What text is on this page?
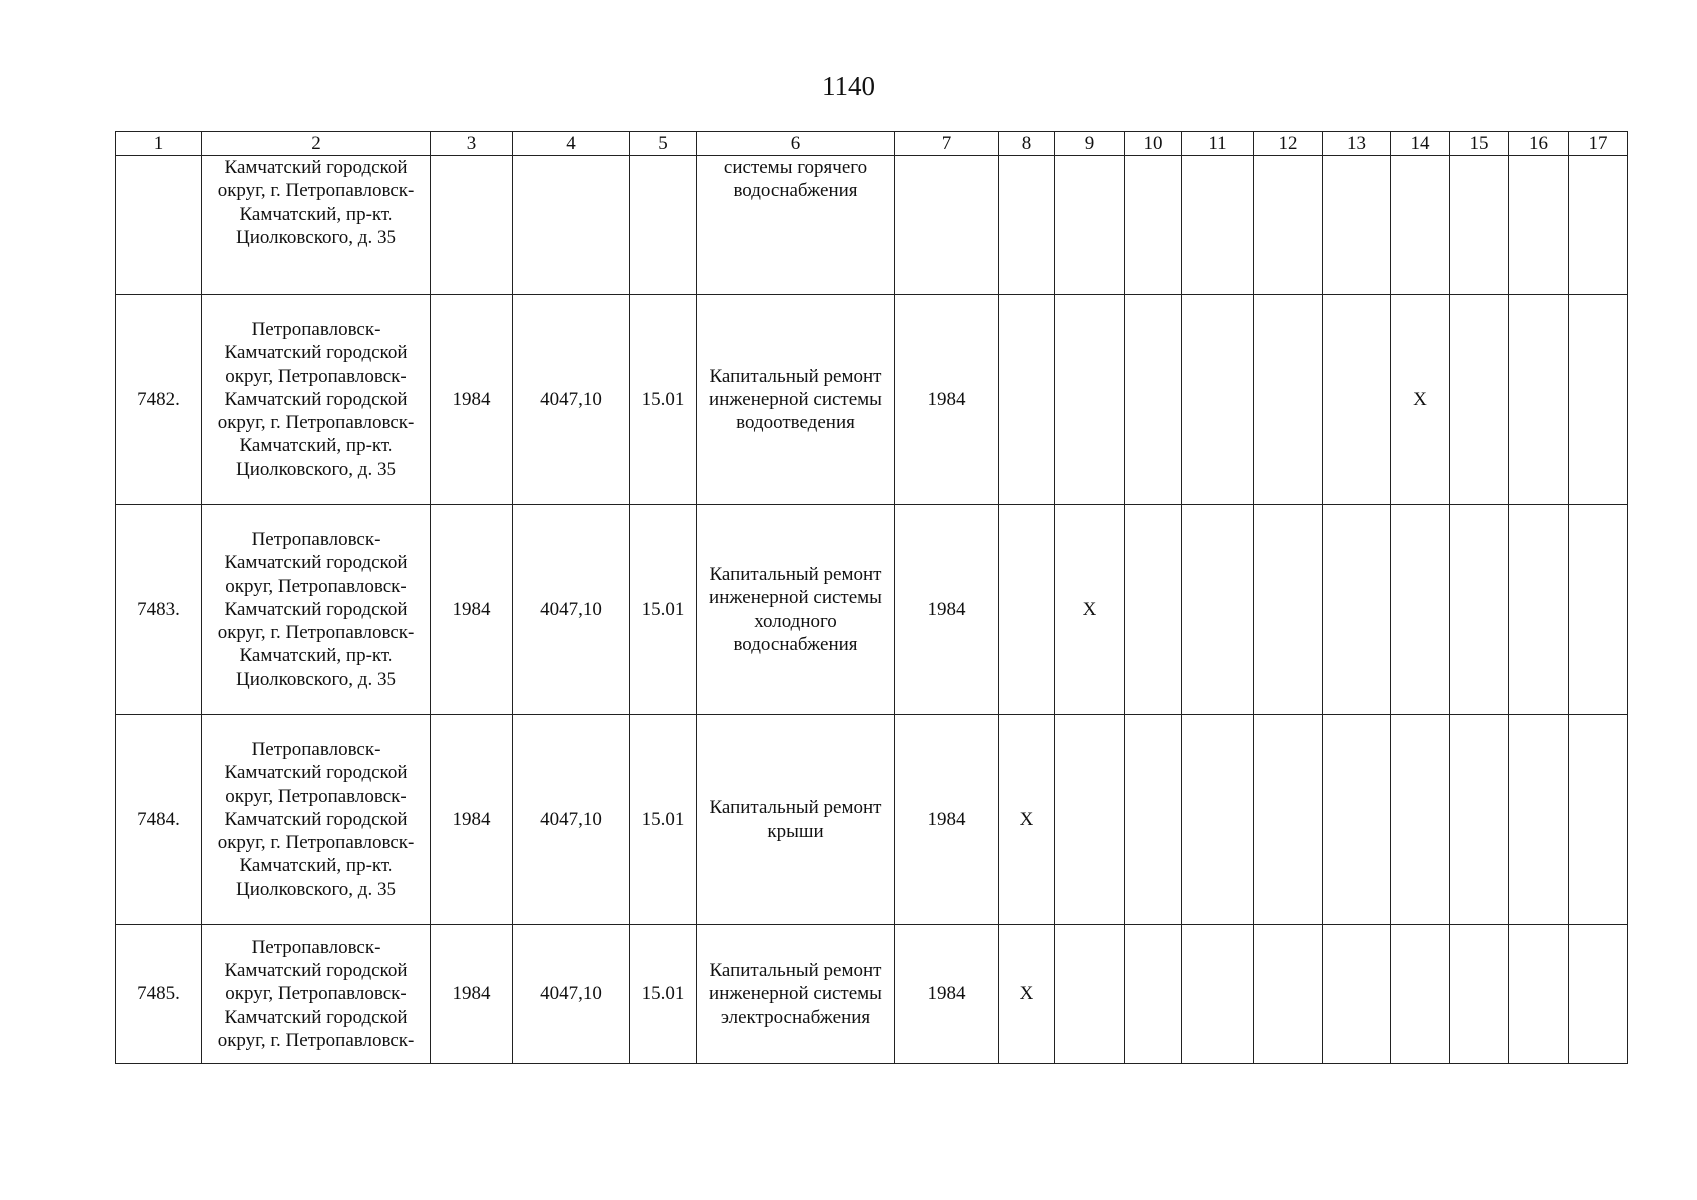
1140
1	2	3	4	5	6	7	8	9	10	11	12	13	14	15	16	17
	Камчатский городской округ, г. Петропавловск-Камчатский, пр-кт. Циолковского, д. 35				системы горячего водоснабжения											
7482.	Петропавловск-Камчатский городской округ, Петропавловск-Камчатский городской округ, г. Петропавловск-Камчатский, пр-кт. Циолковского, д. 35	1984	4047,10	15.01	Капитальный ремонт инженерной системы водоотведения	1984							X			
7483.	Петропавловск-Камчатский городской округ, Петропавловск-Камчатский городской округ, г. Петропавловск-Камчатский, пр-кт. Циолковского, д. 35	1984	4047,10	15.01	Капитальный ремонт инженерной системы холодного водоснабжения	1984		X								
7484.	Петропавловск-Камчатский городской округ, Петропавловск-Камчатский городской округ, г. Петропавловск-Камчатский, пр-кт. Циолковского, д. 35	1984	4047,10	15.01	Капитальный ремонт крыши	1984	X									
7485.	Петропавловск-Камчатский городской округ, Петропавловск-Камчатский городской округ, г. Петропавловск-	1984	4047,10	15.01	Капитальный ремонт инженерной системы электроснабжения	1984	X									
